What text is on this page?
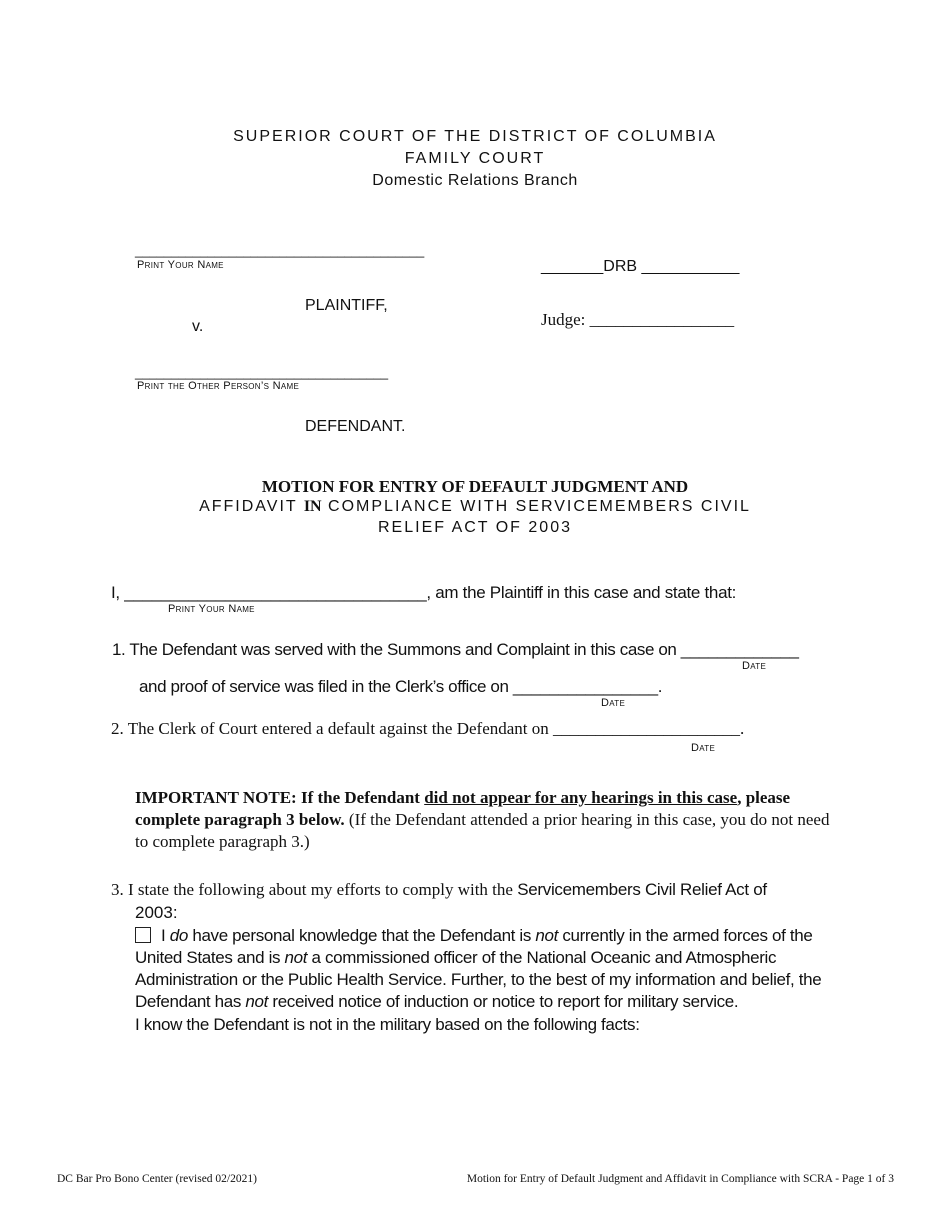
SUPERIOR COURT OF THE DISTRICT OF COLUMBIA
FAMILY COURT
Domestic Relations Branch
________________________________________
Print Your Name
PLAINTIFF,
v.
___________________________________
Print the Other Person’s Name
DEFENDANT.
_______DRB ___________
Judge: _________________
MOTION FOR ENTRY OF DEFAULT JUDGMENT AND
AFFIDAVIT IN COMPLIANCE WITH SERVICEMEMBERS CIVIL
RELIEF ACT OF 2003
I, _________________________________, am the Plaintiff in this case and state that:
Print Your Name
1. The Defendant was served with the Summons and Complaint in this case on _____________
Date
and proof of service was filed in the Clerk’s office on ________________.
Date
2. The Clerk of Court entered a default against the Defendant on ______________________.
Date
IMPORTANT NOTE: If the Defendant did not appear for any hearings in this case, please complete paragraph 3 below. (If the Defendant attended a prior hearing in this case, you do not need to complete paragraph 3.)
3. I state the following about my efforts to comply with the Servicemembers Civil Relief Act of
2003:
I do have personal knowledge that the Defendant is not currently in the armed forces of the United States and is not a commissioned officer of the National Oceanic and Atmospheric Administration or the Public Health Service. Further, to the best of my information and belief, the Defendant has not received notice of induction or notice to report for military service.
I know the Defendant is not in the military based on the following facts:
DC Bar Pro Bono Center (revised 02/2021)	Motion for Entry of Default Judgment and Affidavit in Compliance with SCRA - Page 1 of 3
